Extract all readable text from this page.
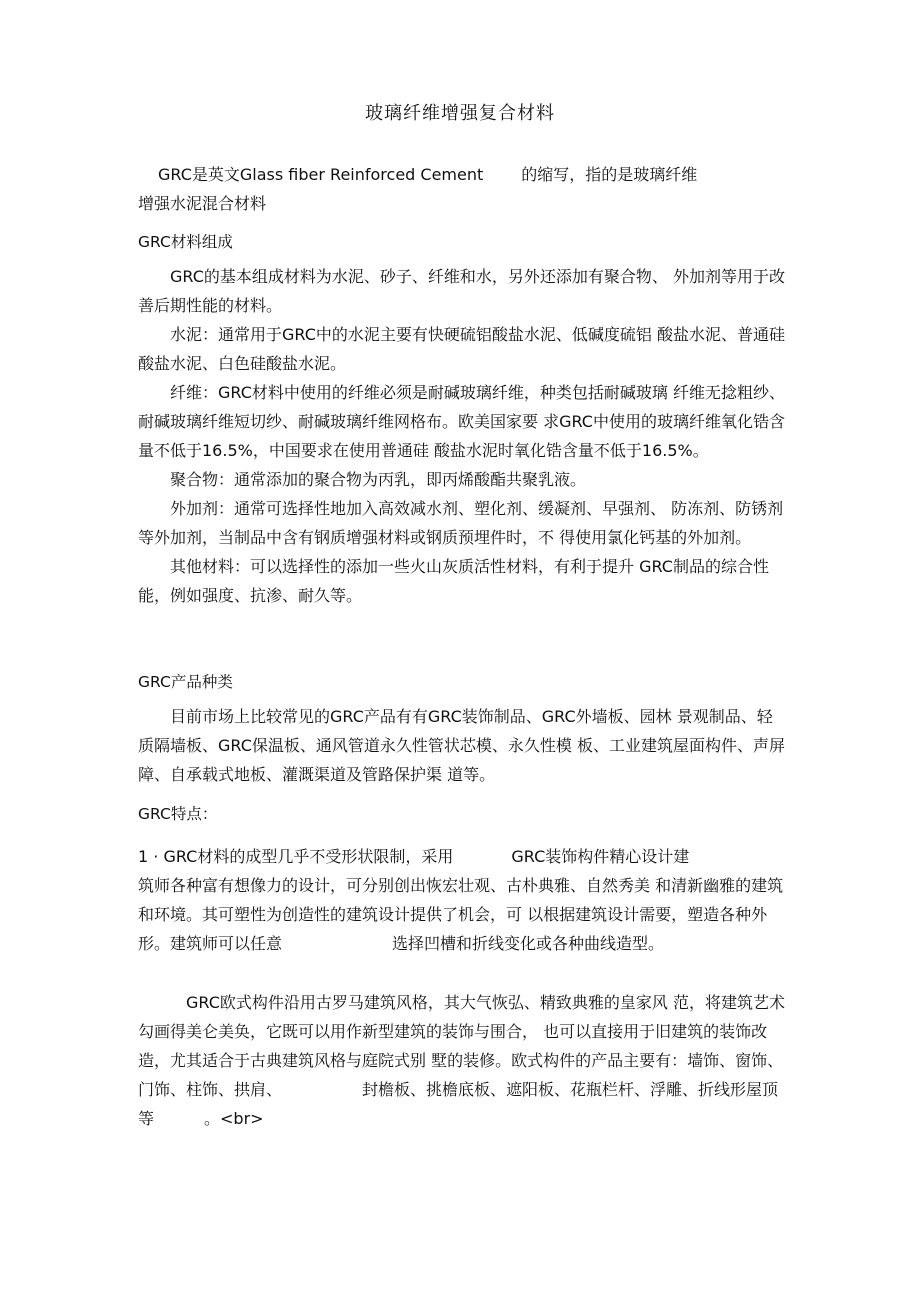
玻璃纤维增强复合材料
GRC是英文Glass fiber Reinforced Cement 的缩写，指的是玻璃纤维
增强水泥混合材料
GRC材料组成

GRC的基本组成材料为水泥、砂子、纤维和水，另外还添加有聚合物、 外加剂等用于改善后期性能的材料。

水泥：通常用于GRC中的水泥主要有快硬硫铝酸盐水泥、低碱度硫铝 酸盐水泥、普通硅酸盐水泥、白色硅酸盐水泥。

纤维：GRC材料中使用的纤维必须是耐碱玻璃纤维，种类包括耐碱玻璃 纤维无捻粗纱、耐碱玻璃纤维短切纱、耐碱玻璃纤维网格布。欧美国家要 求GRC中使用的玻璃纤维氧化锆含量不低于16.5%，中国要求在使用普通硅 酸盐水泥时氧化锆含量不低于16.5%。

聚合物：通常添加的聚合物为丙乳，即丙烯酸酯共聚乳液。

外加剂：通常可选择性地加入高效减水剂、塑化剂、缓凝剂、早强剂、 防冻剂、防锈剂等外加剂，当制品中含有钢质增强材料或钢质预埋件时，不 得使用氯化钙基的外加剂。

其他材料：可以选择性的添加一些火山灰质活性材料，有利于提升 GRC制品的综合性能，例如强度、抗渗、耐久等。

GRC产品种类

目前市场上比较常见的GRC产品有有GRC装饰制品、GRC外墙板、园林 景观制品、轻质隔墙板、GRC保温板、通风管道永久性管状芯模、永久性模 板、工业建筑屋面构件、声屏障、自承载式地板、灌溉渠道及管路保护渠 道等。

GRC特点：
1 · GRC材料的成型几乎不受形状限制，采用	GRC装饰构件精心设计建
筑师各种富有想像力的设计，可分别创出恢宏壮观、古朴典雅、自然秀美 和清新幽雅的建筑和环境。其可塑性为创造性的建筑设计提供了机会，可 以根据建筑设计需要，塑造各种外形。建筑师可以任意	选择凹槽和折线变化或各种曲线造型。
GRC欧式构件沿用古罗马建筑风格，其大气恢弘、精致典雅的皇家风 范，将建筑艺术勾画得美仑美奂，它既可以用作新型建筑的装饰与围合， 也可以直接用于旧建筑的装饰改造，尤其适合于古典建筑风格与庭院式别 墅的装修。欧式构件的产品主要有：墙饰、窗饰、门饰、柱饰、拱肩、	封檐板、挑檐底板、遮阳板、花瓶栏杆、浮雕、折线形屋顶等	。<br>
